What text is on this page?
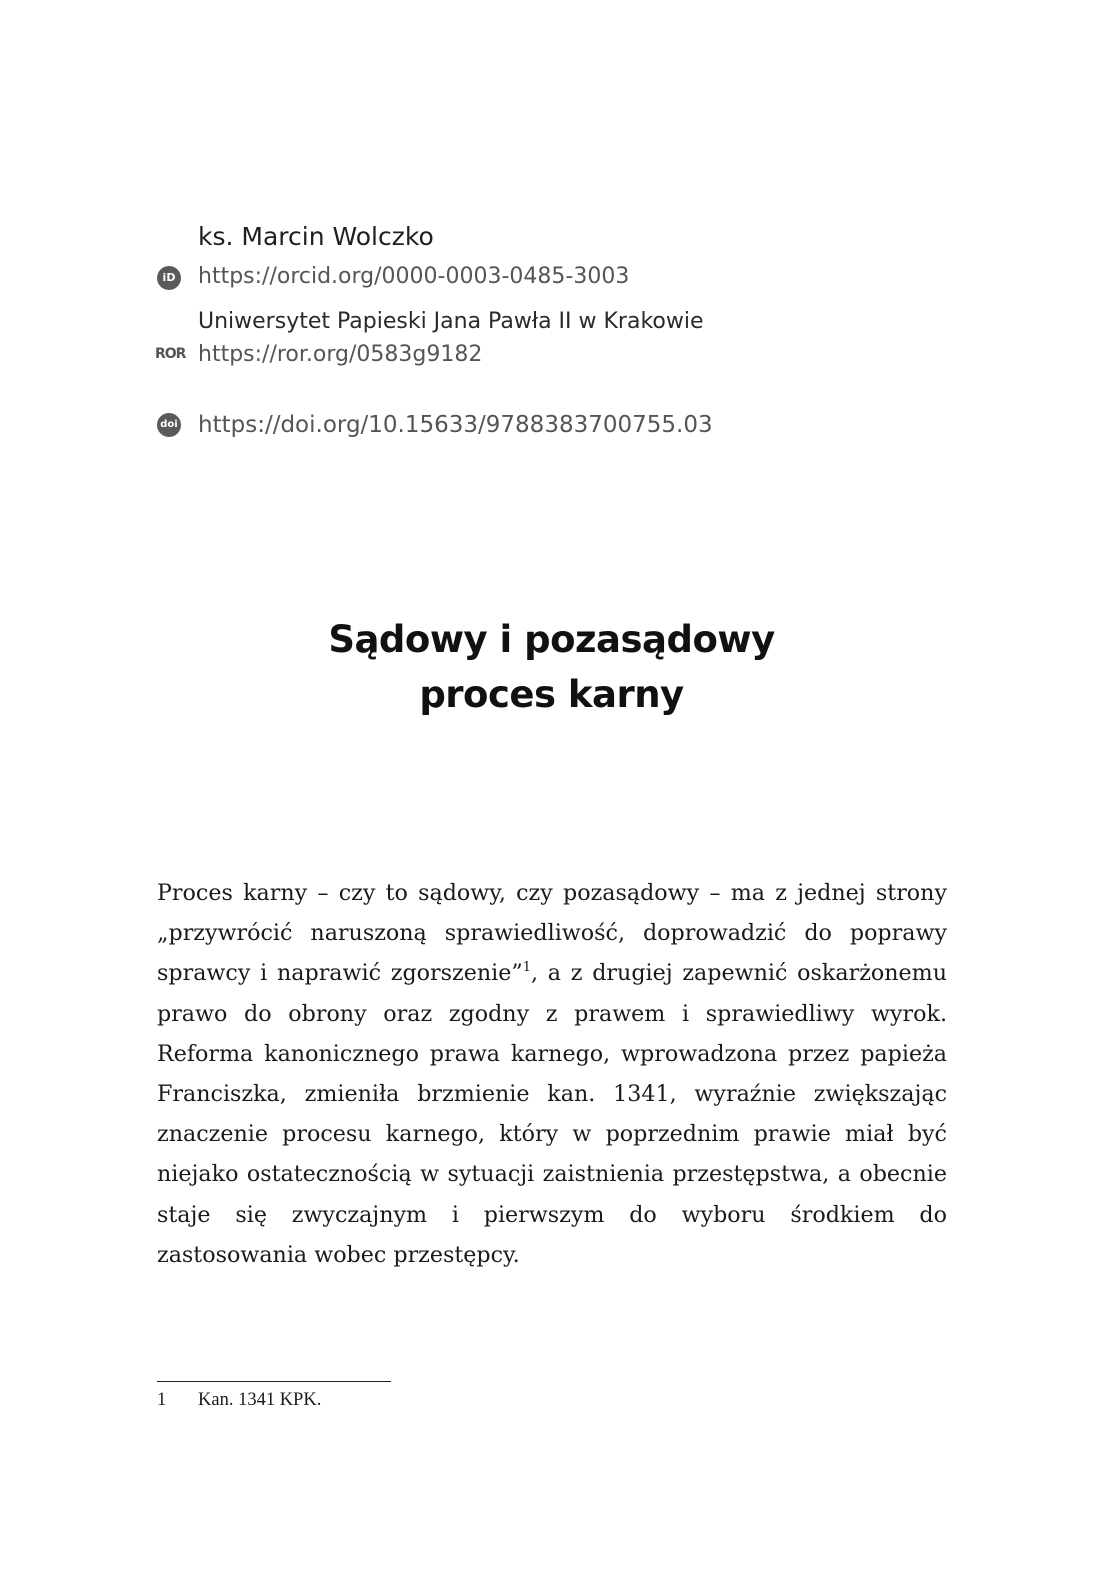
ks. Marcin Wolczko
iD https://orcid.org/0000-0003-0485-3003
Uniwersytet Papieski Jana Pawła II w Krakowie
ROR https://ror.org/0583g9182
doi https://doi.org/10.15633/9788383700755.03
Sądowy i pozasądowy
proces karny
Proces karny – czy to sądowy, czy pozasądowy – ma z jednej strony „przywrócić naruszoną sprawiedliwość, doprowadzić do poprawy sprawcy i naprawić zgorszenie”$^1$, a z drugiej zapewnić oskarżonemu prawo do obrony oraz zgodny z prawem i sprawiedliwy wyrok. Reforma kanonicznego prawa karnego, wprowadzona przez papieża Franciszka, zmieniła brzmienie kan. 1341, wyraźnie zwiększając znaczenie procesu karnego, który w poprzednim prawie miał być niejako ostatecznością w sytuacji zaistnienia przestępstwa, a obecnie staje się zwyczajnym i pierwszym do wyboru środkiem do zastosowania wobec przestępcy.
1 Kan. 1341 KPK.
